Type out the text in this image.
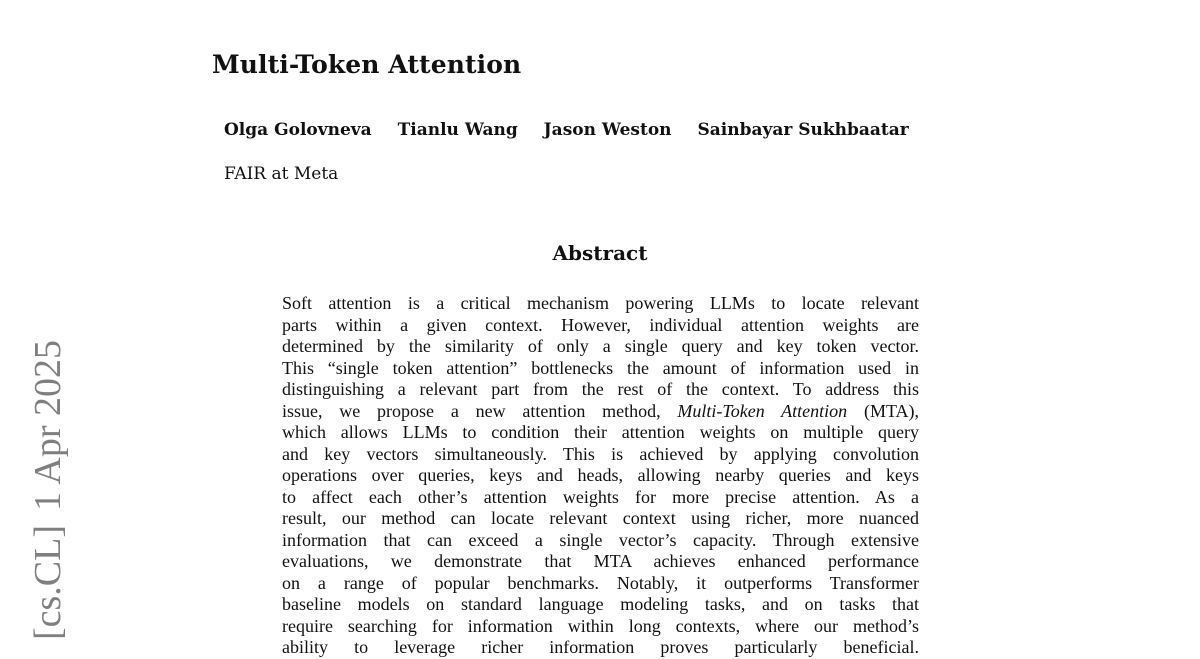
Multi-Token Attention
Olga Golovneva Tianlu Wang Jason Weston Sainbayar Sukhbaatar
FAIR at Meta
Abstract
Soft attention is a critical mechanism powering LLMs to locate relevant
parts within a given context. However, individual attention weights are
determined by the similarity of only a single query and key token vector.
This “single token attention” bottlenecks the amount of information used in
distinguishing a relevant part from the rest of the context. To address this
issue, we propose a new attention method, Multi-Token Attention (MTA),
which allows LLMs to condition their attention weights on multiple query
and key vectors simultaneously. This is achieved by applying convolution
operations over queries, keys and heads, allowing nearby queries and keys
to affect each other’s attention weights for more precise attention. As a
result, our method can locate relevant context using richer, more nuanced
information that can exceed a single vector’s capacity. Through extensive
evaluations, we demonstrate that MTA achieves enhanced performance
on a range of popular benchmarks. Notably, it outperforms Transformer
baseline models on standard language modeling tasks, and on tasks that
require searching for information within long contexts, where our method’s
ability to leverage richer information proves particularly beneficial.
[cs.CL]1 Apr 2025
